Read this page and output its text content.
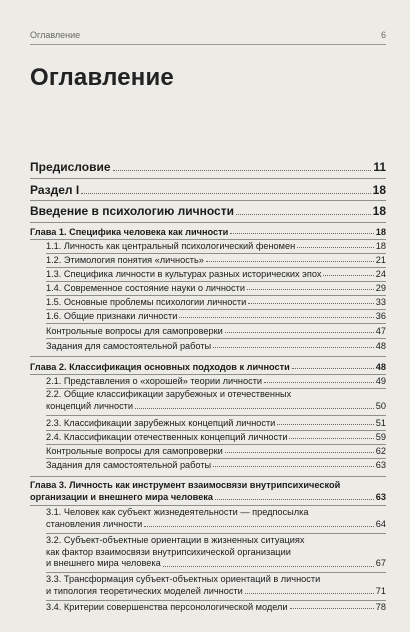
Оглавление	6
Оглавление
Предисловие	11
Раздел I	18
Введение в психологию личности	18
Глава 1. Специфика человека как личности	18
1.1. Личность как центральный психологический феномен	18
1.2. Этимология понятия «личность»	21
1.3. Специфика личности в культурах разных исторических эпох	24
1.4. Современное состояние науки о личности	29
1.5. Основные проблемы психологии личности	33
1.6. Общие признаки личности	36
Контрольные вопросы для самопроверки	47
Задания для самостоятельной работы	48
Глава 2. Классификация основных подходов к личности	48
2.1. Представления о «хорошей» теории личности	49
2.2. Общие классификации зарубежных и отечественных
концепций личности	50
2.3. Классификации зарубежных концепций личности	51
2.4. Классификации отечественных концепций личности	59
Контрольные вопросы для самопроверки	62
Задания для самостоятельной работы	63
Глава 3. Личность как инструмент взаимосвязи внутрипсихической
организации и внешнего мира человека	63
3.1. Человек как субъект жизнедеятельности — предпосылка
становления личности	64
3.2. Субъект-объектные ориентации в жизненных ситуациях
как фактор взаимосвязи внутрипсихической организации
и внешнего мира человека	67
3.3. Трансформация субъект-объектных ориентаций в личности
и типология теоретических моделей личности	71
3.4. Критерии совершенства персонологической модели	78
